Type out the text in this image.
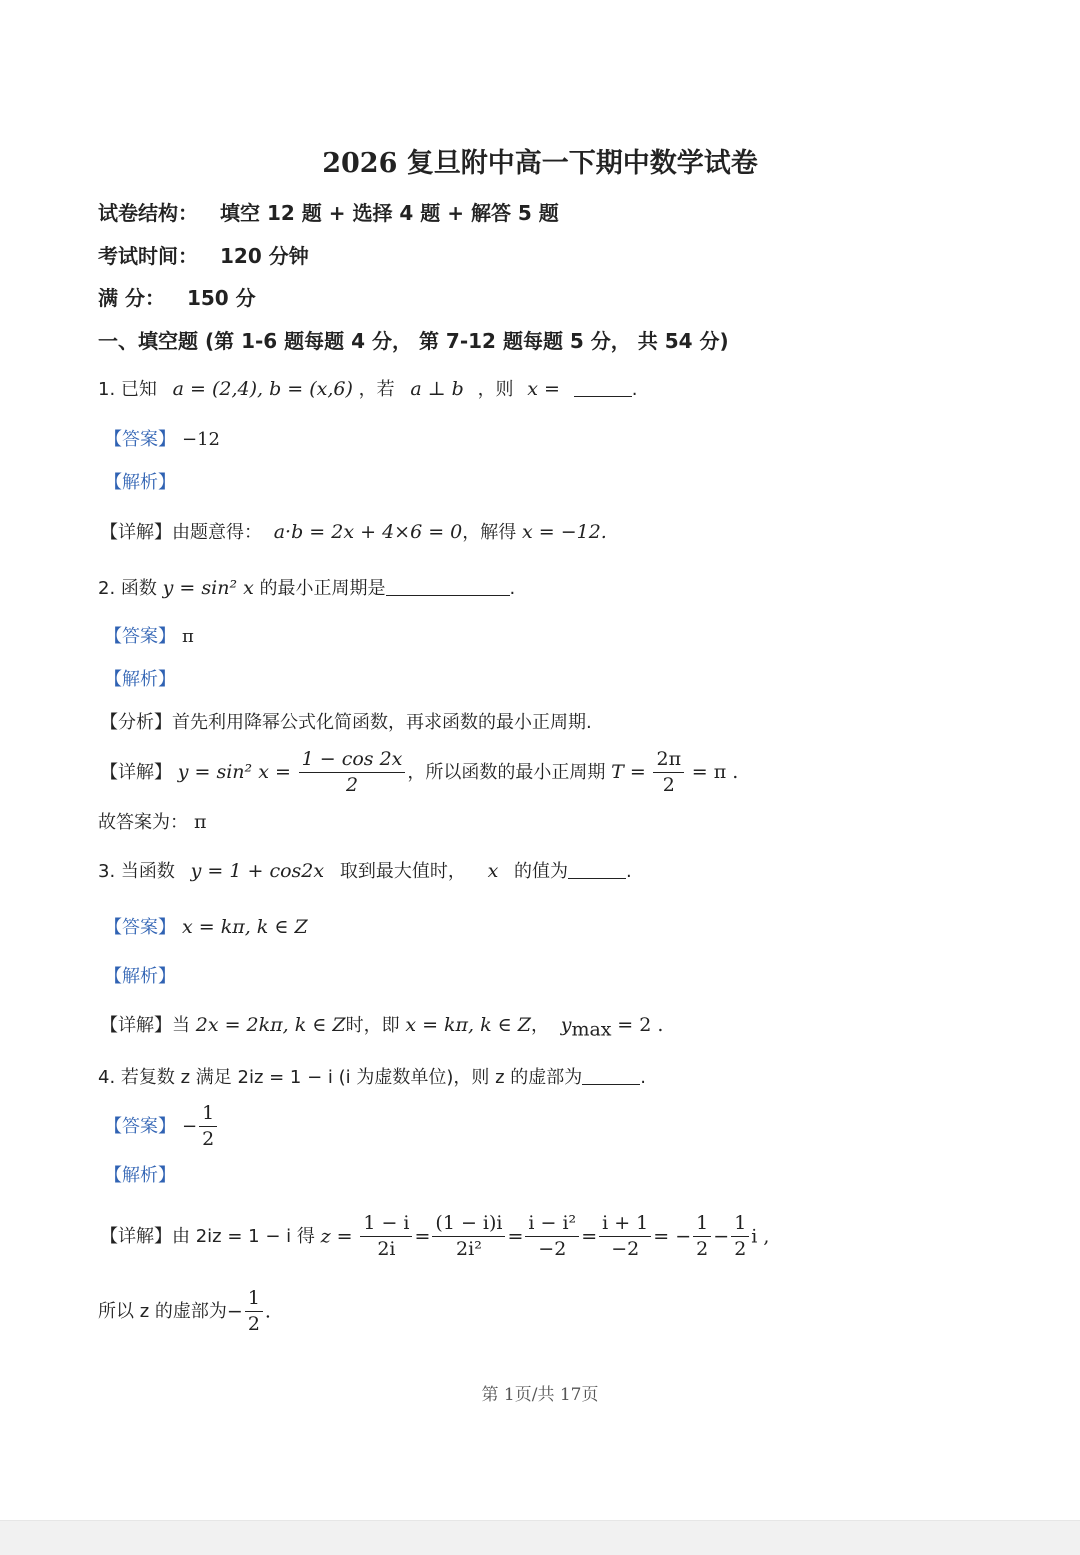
2026 复旦附中高一下期中数学试卷
试卷结构： 填空 12 题 + 选择 4 题 + 解答 5 题
考试时间： 120 分钟
满 分： 150 分
一、填空题 (第 1-6 题每题 4 分， 第 7-12 题每题 5 分， 共 54 分)
1. 已知 a = (2,4), b = (x,6) ，若 a ⊥ b ，则 x =	.
【答案】 −12
【解析】
【详解】由题意得： a·b = 2x + 4×6 = 0，解得 x = −12.
2. 函数 y = sin² x 的最小正周期是	.
【答案】 π
【解析】
【分析】首先利用降幂公式化简函数，再求函数的最小正周期.
【详解】 y = sin² $x = \frac{1 - \cos 2x}{2}$ ，所以函数的最小正周期 $T = \frac{2\pi}{2} = \pi$ .
故答案为： π
3. 当函数 y = 1 + cos2x 取到最大值时， x 的值为	.
【答案】 x = kπ, k ∈ Z
【解析】
【详解】当 2x = 2kπ, k ∈ Z时，即 x = kπ, k ∈ Z， $y_{max} = 2$ .
4. 若复数 z 满足 2iz = 1 − i (i 为虚数单位)，则 z 的虚部为	.
【答案】 − $\frac{1}{2}$
【解析】
【详解】由 2iz = 1 − i 得 $z = \frac{1 - i}{2i} = \frac{(1 - i)i}{\text{2i²}} = \frac{\text{i − i²}}{-2} = \frac{i + 1}{-2}$ = − $\frac{1}{2} - \frac{1}{2}$ i ,
所以 z 的虚部为− $\frac{1}{2}$ .
第 1页/共 17页
